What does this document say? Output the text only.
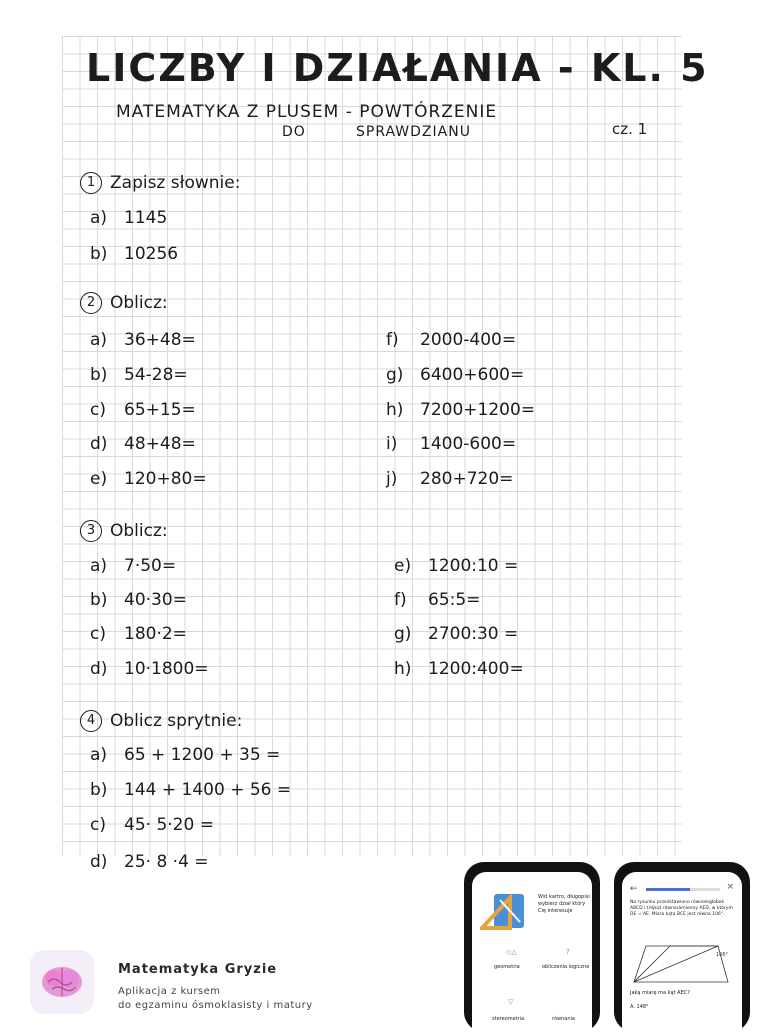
LICZBY I DZIAŁANIA - KL. 5
MATEMATYKA Z PLUSEM - POWTÓRZENIE
DO	SPRAWDZIANU	cz. 1
1 Zapisz słownie:
a) 1145
b) 10256
2 Oblicz:
a) 36+48=
b) 54-28=
c) 65+15=
d) 48+48=
e) 120+80=
f) 2000-400=
g) 6400+600=
h) 7200+1200=
i) 1400-600=
j) 280+720=
3 Oblicz:
a) 7·50=
b) 40·30=
c) 180·2=
d) 10·1800=
e) 1200:10 =
f) 65:5=
g) 2700:30 =
h) 1200:400=
4 Oblicz sprytnie:
a) 65 + 1200 + 35 =
b) 144 + 1400 + 56 =
c) 45· 5·20 =
d) 25· 8 ·4 =
Matematyka Gryzie
Aplikacja z kursem
do egzaminu ósmoklasisty i matury
Wst kartro, długopisi wybierz dział który Cię interesuje
◇△	?
geometria	obliczenia logiczne
▽
stereometria	równania
←	×
Na rysunku przedstawiono równoległobok ABCD i trójkąt równoramienny AED, w którym DE = AE. Miara kąta BCE jest równa 106°.
106°
Jaką miarę ma kąt AEC?
A. 148°
